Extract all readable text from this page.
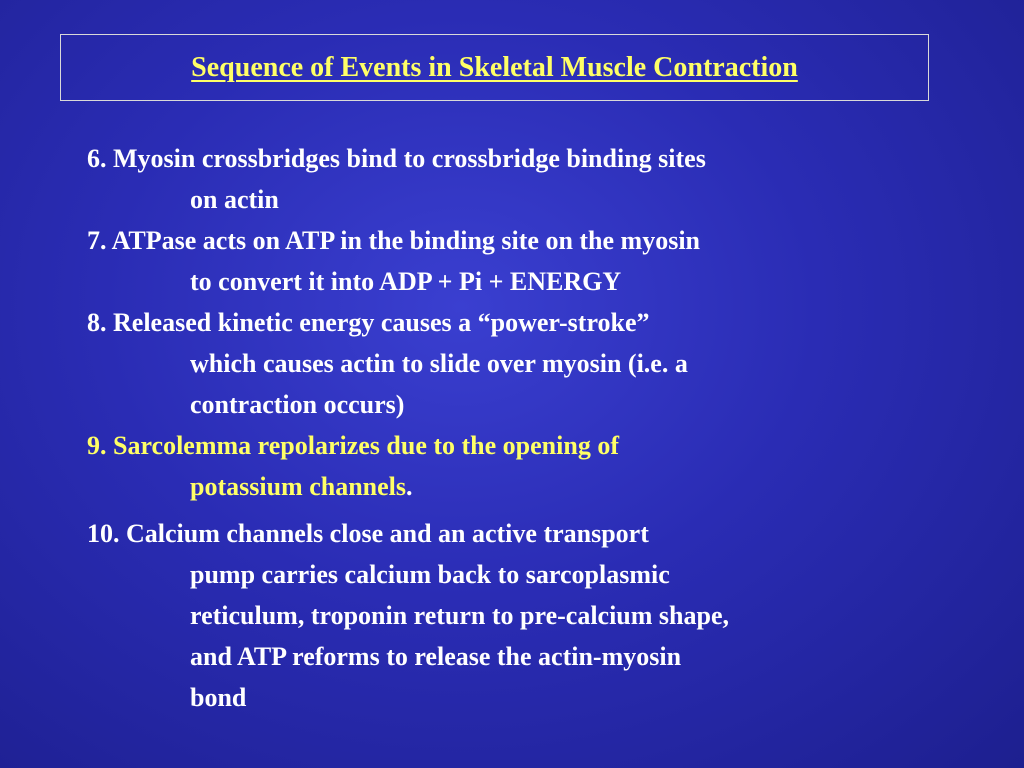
Sequence of Events in Skeletal Muscle Contraction
6. Myosin crossbridges bind to crossbridge binding sites
on actin
7. ATPase acts on ATP in the binding site on the myosin
to convert it into ADP + Pi + ENERGY
8. Released kinetic energy causes a “power-stroke”
which causes actin to slide over myosin (i.e. a
contraction occurs)
9. Sarcolemma repolarizes due to the opening of
potassium channels.
10. Calcium channels close and an active transport
pump carries calcium back to sarcoplasmic
reticulum, troponin return to pre-calcium shape,
and ATP reforms to release the actin-myosin
bond
